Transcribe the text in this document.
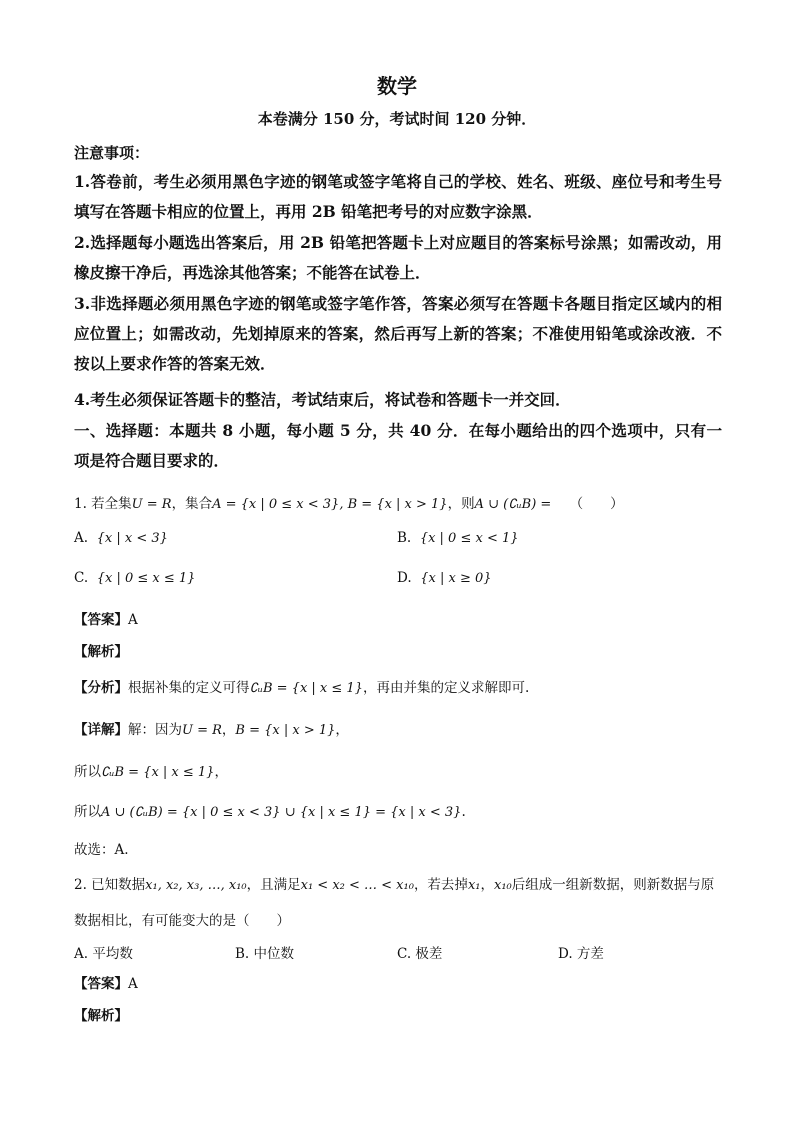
数学
本卷满分 150 分，考试时间 120 分钟．
注意事项：
1.答卷前，考生必须用黑色字迹的钢笔或签字笔将自己的学校、姓名、班级、座位号和考生号填写在答题卡相应的位置上，再用 2B 铅笔把考号的对应数字涂黑．
2.选择题每小题选出答案后，用 2B 铅笔把答题卡上对应题目的答案标号涂黑；如需改动，用橡皮擦干净后，再选涂其他答案；不能答在试卷上．
3.非选择题必须用黑色字迹的钢笔或签字笔作答，答案必须写在答题卡各题目指定区域内的相应位置上；如需改动，先划掉原来的答案，然后再写上新的答案；不准使用铅笔或涂改液．不按以上要求作答的答案无效．
4.考生必须保证答题卡的整洁，考试结束后，将试卷和答题卡一并交回．
一、选择题：本题共 8 小题，每小题 5 分，共 40 分．在每小题给出的四个选项中，只有一项是符合题目要求的．
1. 若全集U = R，集合A = {x | 0 ≤ x < 3}, B = {x | x > 1}，则A ∪ (∁ᵤB) = （　　）
A. {x | x < 3}	B. {x | 0 ≤ x < 1}
C. {x | 0 ≤ x ≤ 1}	D. {x | x ≥ 0}
【答案】A
【解析】
【分析】根据补集的定义可得∁ᵤB = {x | x ≤ 1}，再由并集的定义求解即可.
【详解】解：因为U = R，B = {x | x > 1}，
所以∁ᵤB = {x | x ≤ 1}，
所以A ∪ (∁ᵤB) = {x | 0 ≤ x < 3} ∪ {x | x ≤ 1} = {x | x < 3}.
故选：A.
2. 已知数据x₁, x₂, x₃, …, x₁₀，且满足x₁ < x₂ < … < x₁₀，若去掉x₁，x₁₀后组成一组新数据，则新数据与原
数据相比，有可能变大的是（　　）
A. 平均数	B. 中位数	C. 极差	D. 方差
【答案】A
【解析】
